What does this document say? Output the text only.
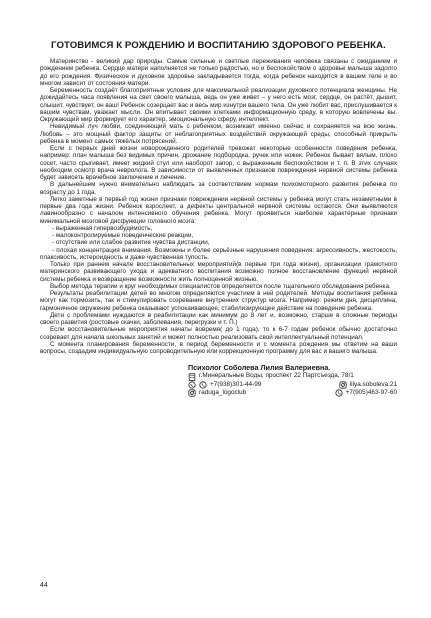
ГОТОВИМСЯ К РОЖДЕНИЮ И ВОСПИТАНИЮ ЗДОРОВОГО РЕБЕНКА.

Материнство - великий дар природы. Самые сильные и светлые переживания человека связаны с ожиданием и рождением ребенка. Сердце матери наполняется не только радостью, но и беспокойством о здоровье малыша задолго до его рождения. Физическое и духовное здоровье закладывается тогда, когда ребенок находится в вашем теле и во многом зависит от состояния матери.

Беременность создаёт благоприятные условия для максимальной реализации духовного потенциала женщины. Не дожидайтесь часа появления на свет своего малыша, ведь он уже живет – у него есть мозг, сердце, он растёт, дышит, слышит, чувствует, он ваш! Ребенок созерцает вас и весь мир изнутри вашего тела. Он уже любит вас, прислушивается к вашим чувствам, уважает мысли. Он впитывает своими клетками информационную среду, в которую вовлечены вы. Окружающий мир формирует его характер, эмоциональную сферу, интеллект.

Невидимый луч любви, соединяющий мать с ребенком, возникает именно сейчас и сохраняется на всю жизнь. Любовь – это мощный фактор защиты от неблагоприятных воздействий окружающей среды, способный прикрыть ребенка в момент самых тяжёлых потрясений.

Если с первых дней жизни новорожденного родителей тревожат некоторые особенности поведения ребенка, например: плач малыша без видимых причин, дрожание подбородка, ручек или ножек. Ребенок бывает вялым, плохо сосет, часто срыгивает, имеет жидкий стул или наоборот запор, с выраженным беспокойством и т. п. В этих случаях необходим осмотр врача невролога. В зависимости от выявленных признаков повреждения нервной системы ребенка будет зависеть врачебное заключение и лечение.

В дальнейшем нужно внимательно наблюдать за соответствием нормам психомоторного развития ребенка по возрасту до 1 года.

Легко заметные в первый год жизни признаки повреждения нервной системы у ребенка могут стать незаметными в первые два года жизни. Ребенок взрослеет, а дефекты центральной нервной системы остаются. Они выявляются лавинообразно с началом интенсивного обучения ребенка. Могут проявиться наиболее характерные признаки минимальной мозговой дисфункции головного мозга:

- выраженная гипервозбудимость,

- малоконтролируемые поведенческие реакции,

- отсутствие или слабое развитие чувства дистанции,

- плохая концентрация внимания. Возможны и более серьёзные нарушения поведения: агрессивность, жестокость, плаксивость, истероидность и даже чувственная тупость.

Только при раннем начале восстановительных мероприятий(в первые три года жизни), организации грамотного материнского развивающего ухода и адекватного воспитания возможно полное восстановление функций нервной системы ребенка и возвращение возможности жить полноценной жизнью.

Выбор метода терапии и круг необходимых специалистов определяется после тщательного обследования ребенка.

Результаты реабилитации детей во многом определяются участием в ней родителей. Методы воспитания ребенка могут как тормозить, так и стимулировать созревание внутренних структур мозга. Например: режим дня, дисциплина, гармоничное окружение ребенка оказывают успокаивающее, стабилизирующее действие на поведение ребенка.

Дети с проблемами нуждаются в реабилитации как минимум до 8 лет и, возможно, старше в сложные периоды своего развития (ростовые скачки, заболевания, перегрузки и т. П.)

Если восстановительные мероприятия начаты вовремя( до 1 года), то к 6-7 годам ребенок обычно достаточно созревает для начала школьных занятий и может полностью реализовать свой интеллектуальный потенциал.

С момента планирования беременности, в период беременности и с момента рождения мы ответим на ваши вопросы, создадим индивидуальную сопроводительную или коррекционную программу для вас и вашего малыша.

Психолог Соболева Лилия Валериевна.
г.Минеральные Воды, проспект 22 Партсъезда, 78/1
+7(938)301-44-99	lilya.soboleva.21
raduga_logoclub	+7(905)463-97-60
44
